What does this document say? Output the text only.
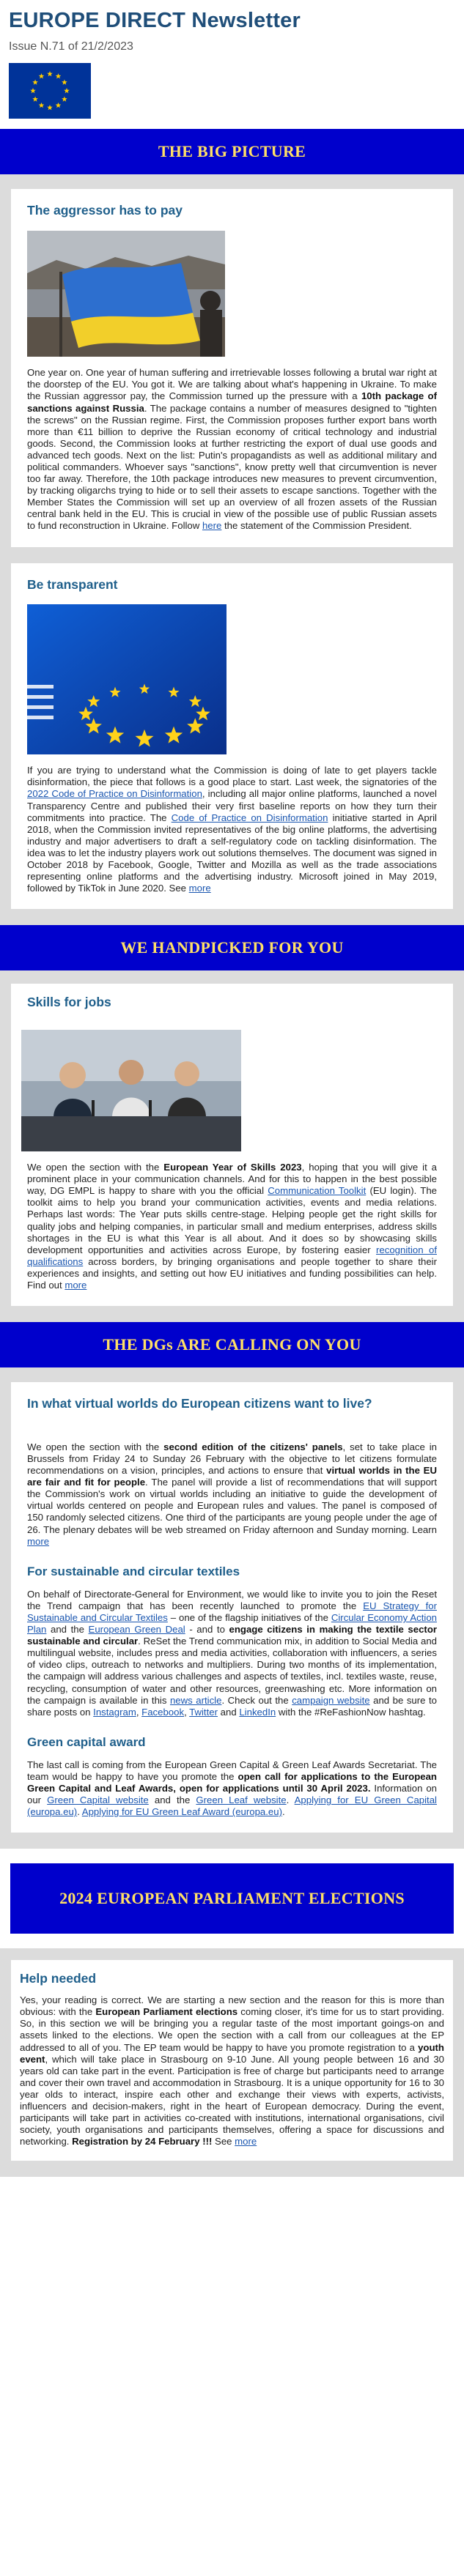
EUROPE DIRECT Newsletter
Issue N.71 of 21/2/2023
THE BIG PICTURE
The aggressor has to pay
One year on. One year of human suffering and irretrievable losses following a brutal war right at the doorstep of the EU. You got it. We are talking about what's happening in Ukraine. To make the Russian aggressor pay, the Commission turned up the pressure with a 10th package of sanctions against Russia. The package contains a number of measures designed to "tighten the screws" on the Russian regime. First, the Commission proposes further export bans worth more than €11 billion to deprive the Russian economy of critical technology and industrial goods. Second, the Commission looks at further restricting the export of dual use goods and advanced tech goods. Next on the list: Putin's propagandists as well as additional military and political commanders. Whoever says "sanctions", know pretty well that circumvention is never too far away. Therefore, the 10th package introduces new measures to prevent circumvention, by tracking oligarchs trying to hide or to sell their assets to escape sanctions. Together with the Member States the Commission will set up an overview of all frozen assets of the Russian central bank held in the EU. This is crucial in view of the possible use of public Russian assets to fund reconstruction in Ukraine. Follow here the statement of the Commission President.
Be transparent
If you are trying to understand what the Commission is doing of late to get players tackle disinformation, the piece that follows is a good place to start. Last week, the signatories of the 2022 Code of Practice on Disinformation, including all major online platforms, launched a novel Transparency Centre and published their very first baseline reports on how they turn their commitments into practice. The Code of Practice on Disinformation initiative started in April 2018, when the Commission invited representatives of the big online platforms, the advertising industry and major advertisers to draft a self-regulatory code on tackling disinformation. The idea was to let the industry players work out solutions themselves. The document was signed in October 2018 by Facebook, Google, Twitter and Mozilla as well as the trade associations representing online platforms and the advertising industry. Microsoft joined in May 2019, followed by TikTok in June 2020. See more
WE HANDPICKED FOR YOU
Skills for jobs
We open the section with the European Year of Skills 2023, hoping that you will give it a prominent place in your communication channels. And for this to happen in the best possible way, DG EMPL is happy to share with you the official Communication Toolkit (EU login). The toolkit aims to help you brand your communication activities, events and media relations. Perhaps last words: The Year puts skills centre-stage. Helping people get the right skills for quality jobs and helping companies, in particular small and medium enterprises, address skills shortages in the EU is what this Year is all about. And it does so by showcasing skills development opportunities and activities across Europe, by fostering easier recognition of qualifications across borders, by bringing organisations and people together to share their experiences and insights, and setting out how EU initiatives and funding possibilities can help. Find out more
THE DGs ARE CALLING ON YOU
In what virtual worlds do European citizens want to live?
We open the section with the second edition of the citizens' panels, set to take place in Brussels from Friday 24 to Sunday 26 February with the objective to let citizens formulate recommendations on a vision, principles, and actions to ensure that virtual worlds in the EU are fair and fit for people. The panel will provide a list of recommendations that will support the Commission's work on virtual worlds including an initiative to guide the development of virtual worlds centered on people and European rules and values. The panel is composed of 150 randomly selected citizens. One third of the participants are young people under the age of 26. The plenary debates will be web streamed on Friday afternoon and Sunday morning. Learn more
For sustainable and circular textiles
On behalf of Directorate-General for Environment, we would like to invite you to join the Reset the Trend campaign that has been recently launched to promote the EU Strategy for Sustainable and Circular Textiles – one of the flagship initiatives of the Circular Economy Action Plan and the European Green Deal - and to engage citizens in making the textile sector sustainable and circular. ReSet the Trend communication mix, in addition to Social Media and multilingual website, includes press and media activities, collaboration with influencers, a series of video clips, outreach to networks and multipliers. During two months of its implementation, the campaign will address various challenges and aspects of textiles, incl. textiles waste, reuse, recycling, consumption of water and other resources, greenwashing etc. More information on the campaign is available in this news article. Check out the campaign website and be sure to share posts on Instagram, Facebook, Twitter and LinkedIn with the #ReFashionNow hashtag.
Green capital award
The last call is coming from the European Green Capital & Green Leaf Awards Secretariat. The team would be happy to have you promote the open call for applications to the European Green Capital and Leaf Awards, open for applications until 30 April 2023. Information on our Green Capital website and the Green Leaf website. Applying for EU Green Capital (europa.eu). Applying for EU Green Leaf Award (europa.eu).
2024 EUROPEAN PARLIAMENT ELECTIONS
Help needed
Yes, your reading is correct. We are starting a new section and the reason for this is more than obvious: with the European Parliament elections coming closer, it's time for us to start providing. So, in this section we will be bringing you a regular taste of the most important goings-on and assets linked to the elections. We open the section with a call from our colleagues at the EP addressed to all of you. The EP team would be happy to have you promote registration to a youth event, which will take place in Strasbourg on 9-10 June. All young people between 16 and 30 years old can take part in the event. Participation is free of charge but participants need to arrange and cover their own travel and accommodation in Strasbourg. It is a unique opportunity for 16 to 30 year olds to interact, inspire each other and exchange their views with experts, activists, influencers and decision-makers, right in the heart of European democracy. During the event, participants will take part in activities co-created with institutions, international organisations, civil society, youth organisations and participants themselves, offering a space for discussions and networking. Registration by 24 February !!! See more
